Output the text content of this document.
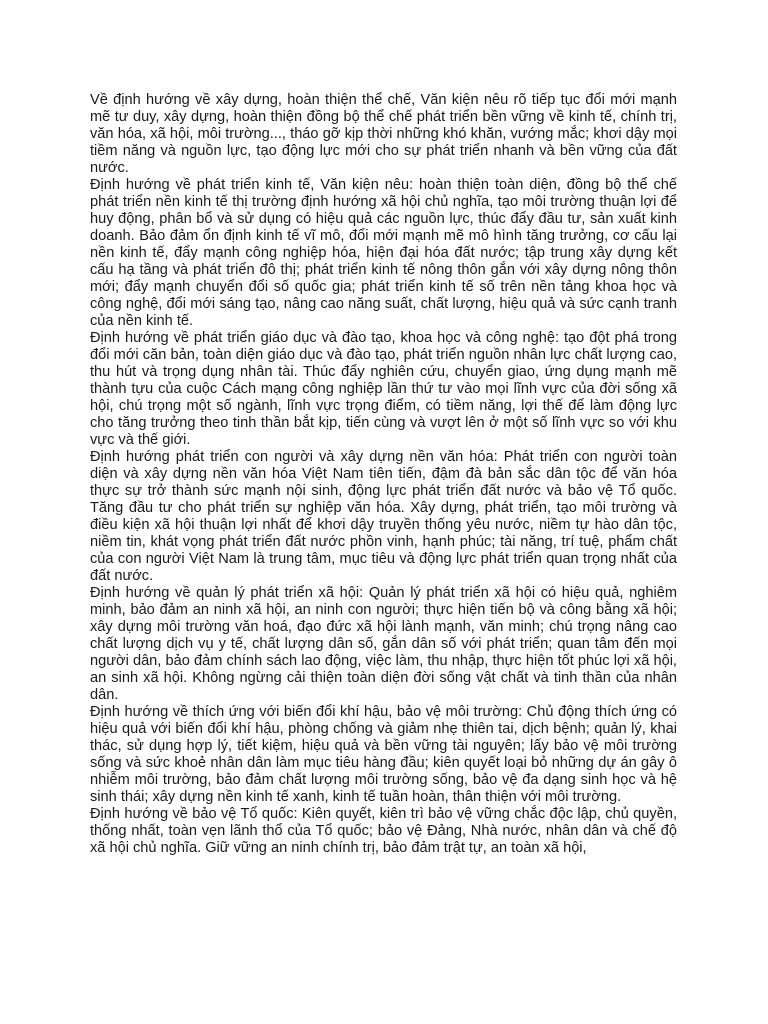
Về định hướng về xây dựng, hoàn thiện thể chế, Văn kiện nêu rõ tiếp tục đổi mới mạnh mẽ tư duy, xây dựng, hoàn thiện đồng bộ thể chế phát triển bền vững về kinh tế, chính trị, văn hóa, xã hội, môi trường..., tháo gỡ kịp thời những khó khăn, vướng mắc; khơi dậy mọi tiềm năng và nguồn lực, tạo động lực mới cho sự phát triển nhanh và bền vững của đất nước.

Định hướng về phát triển kinh tế, Văn kiện nêu: hoàn thiện toàn diện, đồng bộ thể chế phát triển nền kinh tế thị trường định hướng xã hội chủ nghĩa, tạo môi trường thuận lợi để huy động, phân bổ và sử dụng có hiệu quả các nguồn lực, thúc đẩy đầu tư, sản xuất kinh doanh. Bảo đảm ổn định kinh tế vĩ mô, đổi mới mạnh mẽ mô hình tăng trưởng, cơ cấu lại nền kinh tế, đẩy mạnh công nghiệp hóa, hiện đại hóa đất nước; tập trung xây dựng kết cấu hạ tầng và phát triển đô thị; phát triển kinh tế nông thôn gắn với xây dựng nông thôn mới; đẩy mạnh chuyển đổi số quốc gia; phát triển kinh tế số trên nền tảng khoa học và công nghệ, đổi mới sáng tạo, nâng cao năng suất, chất lượng, hiệu quả và sức cạnh tranh của nền kinh tế.

Định hướng về phát triển giáo dục và đào tạo, khoa học và công nghệ: tạo đột phá trong đổi mới căn bản, toàn diện giáo dục và đào tạo, phát triển nguồn nhân lực chất lượng cao, thu hút và trọng dụng nhân tài. Thúc đẩy nghiên cứu, chuyển giao, ứng dụng mạnh mẽ thành tựu của cuộc Cách mạng công nghiệp lần thứ tư vào mọi lĩnh vực của đời sống xã hội, chú trọng một số ngành, lĩnh vực trọng điểm, có tiềm năng, lợi thế để làm động lực cho tăng trưởng theo tinh thần bắt kịp, tiến cùng và vượt lên ở một số lĩnh vực so với khu vực và thế giới.

Định hướng phát triển con người và xây dựng nền văn hóa: Phát triển con người toàn diện và xây dựng nền văn hóa Việt Nam tiên tiến, đậm đà bản sắc dân tộc để văn hóa thực sự trở thành sức mạnh nội sinh, động lực phát triển đất nước và bảo vệ Tổ quốc. Tăng đầu tư cho phát triển sự nghiệp văn hóa. Xây dựng, phát triển, tạo môi trường và điều kiện xã hội thuận lợi nhất để khơi dậy truyền thống yêu nước, niềm tự hào dân tộc, niềm tin, khát vọng phát triển đất nước phồn vinh, hạnh phúc; tài năng, trí tuệ, phẩm chất của con người Việt Nam là trung tâm, mục tiêu và động lực phát triển quan trọng nhất của đất nước.

Định hướng về quản lý phát triển xã hội: Quản lý phát triển xã hội có hiệu quả, nghiêm minh, bảo đảm an ninh xã hội, an ninh con người; thực hiện tiến bộ và công bằng xã hội; xây dựng môi trường văn hoá, đạo đức xã hội lành mạnh, văn minh; chú trọng nâng cao chất lượng dịch vụ y tế, chất lượng dân số, gắn dân số với phát triển; quan tâm đến mọi người dân, bảo đảm chính sách lao động, việc làm, thu nhập, thực hiện tốt phúc lợi xã hội, an sinh xã hội. Không ngừng cải thiện toàn diện đời sống vật chất và tinh thần của nhân dân.

Định hướng về thích ứng với biến đổi khí hậu, bảo vệ môi trường: Chủ động thích ứng có hiệu quả với biến đổi khí hậu, phòng chống và giảm nhẹ thiên tai, dịch bệnh; quản lý, khai thác, sử dụng hợp lý, tiết kiệm, hiệu quả và bền vững tài nguyên; lấy bảo vệ môi trường sống và sức khoẻ nhân dân làm mục tiêu hàng đầu; kiên quyết loại bỏ những dự án gây ô nhiễm môi trường, bảo đảm chất lượng môi trường sống, bảo vệ đa dạng sinh học và hệ sinh thái; xây dựng nền kinh tế xanh, kinh tế tuần hoàn, thân thiện với môi trường.

Định hướng về bảo vệ Tổ quốc: Kiên quyết, kiên trì bảo vệ vững chắc độc lập, chủ quyền, thống nhất, toàn vẹn lãnh thổ của Tổ quốc; bảo vệ Đảng, Nhà nước, nhân dân và chế độ xã hội chủ nghĩa. Giữ vững an ninh chính trị, bảo đảm trật tự, an toàn xã hội,
